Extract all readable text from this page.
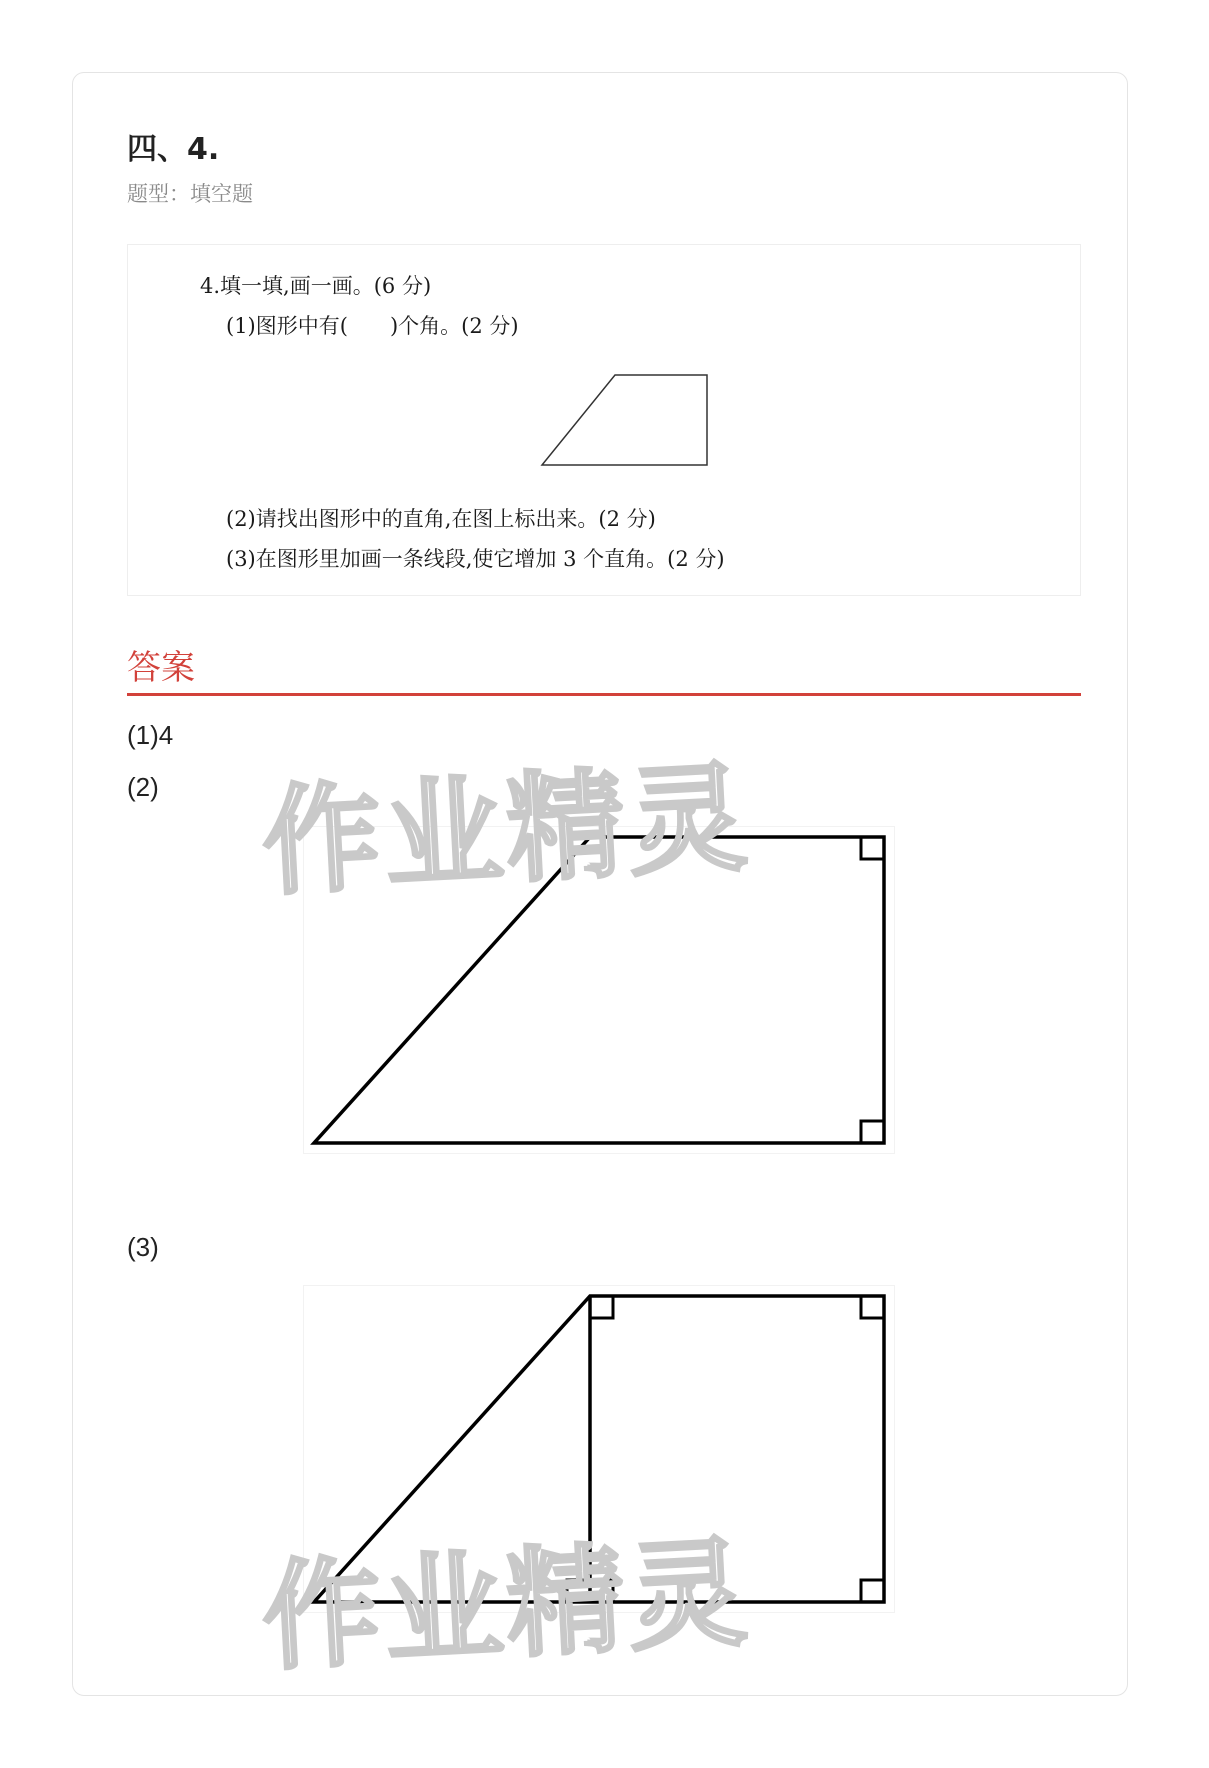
四、4.
题型：填空题
4.填一填,画一画。(6 分)
(1)图形中有(　　)个角。(2 分)
(2)请找出图形中的直角,在图上标出来。(2 分)
(3)在图形里加画一条线段,使它增加 3 个直角。(2 分)
答案
(1)4
(2)
(3)
作业精灵
作业精灵
